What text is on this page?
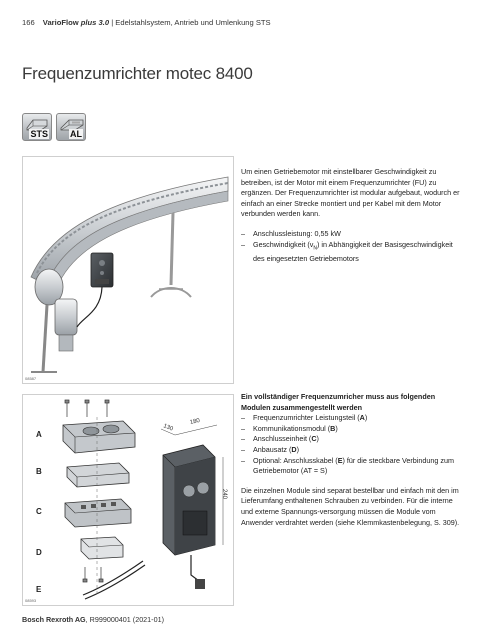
166 VarioFlow plus 3.0 | Edelstahlsystem, Antrieb und Umlenkung STS
Frequenzumrichter motec 8400
STS AL
08587
A
B
C
D
E
130
180
240
08593

Um einen Getriebemotor mit einstellbarer Geschwindigkeit zu betreiben, ist der Motor mit einem Frequenzumrichter (FU) zu ergänzen. Der Frequenzumrichter ist modular aufgebaut, wodurch er einfach an einer Strecke montiert und per Kabel mit dem Motor verbunden werden kann.

– Anschlussleistung: 0,55 kW
– Geschwindigkeit $(v_N)$ in Abhängigkeit der Basisgeschwindigkeit des eingesetzten Getriebemotors
Ein vollständiger Frequenzumricher muss aus folgenden Modulen zusammengestellt werden
– Frequenzumrichter Leistungsteil (A)
– Kommunikationsmodul (B)
– Anschlusseinheit (C)
– Anbausatz (D)
– Optional: Anschlusskabel (E) für die steckbare Verbindung zum Getriebemotor (AT = S)

Die einzelnen Module sind separat bestellbar und einfach mit den im Lieferumfang enthaltenen Schrauben zu verbinden. Für die interne und externe Spannungs-versorgung müssen die Module vom Anwender verdrahtet werden (siehe Klemmkastenbelegung, S. 309).

Bosch Rexroth AG, R999000401 (2021-01)
